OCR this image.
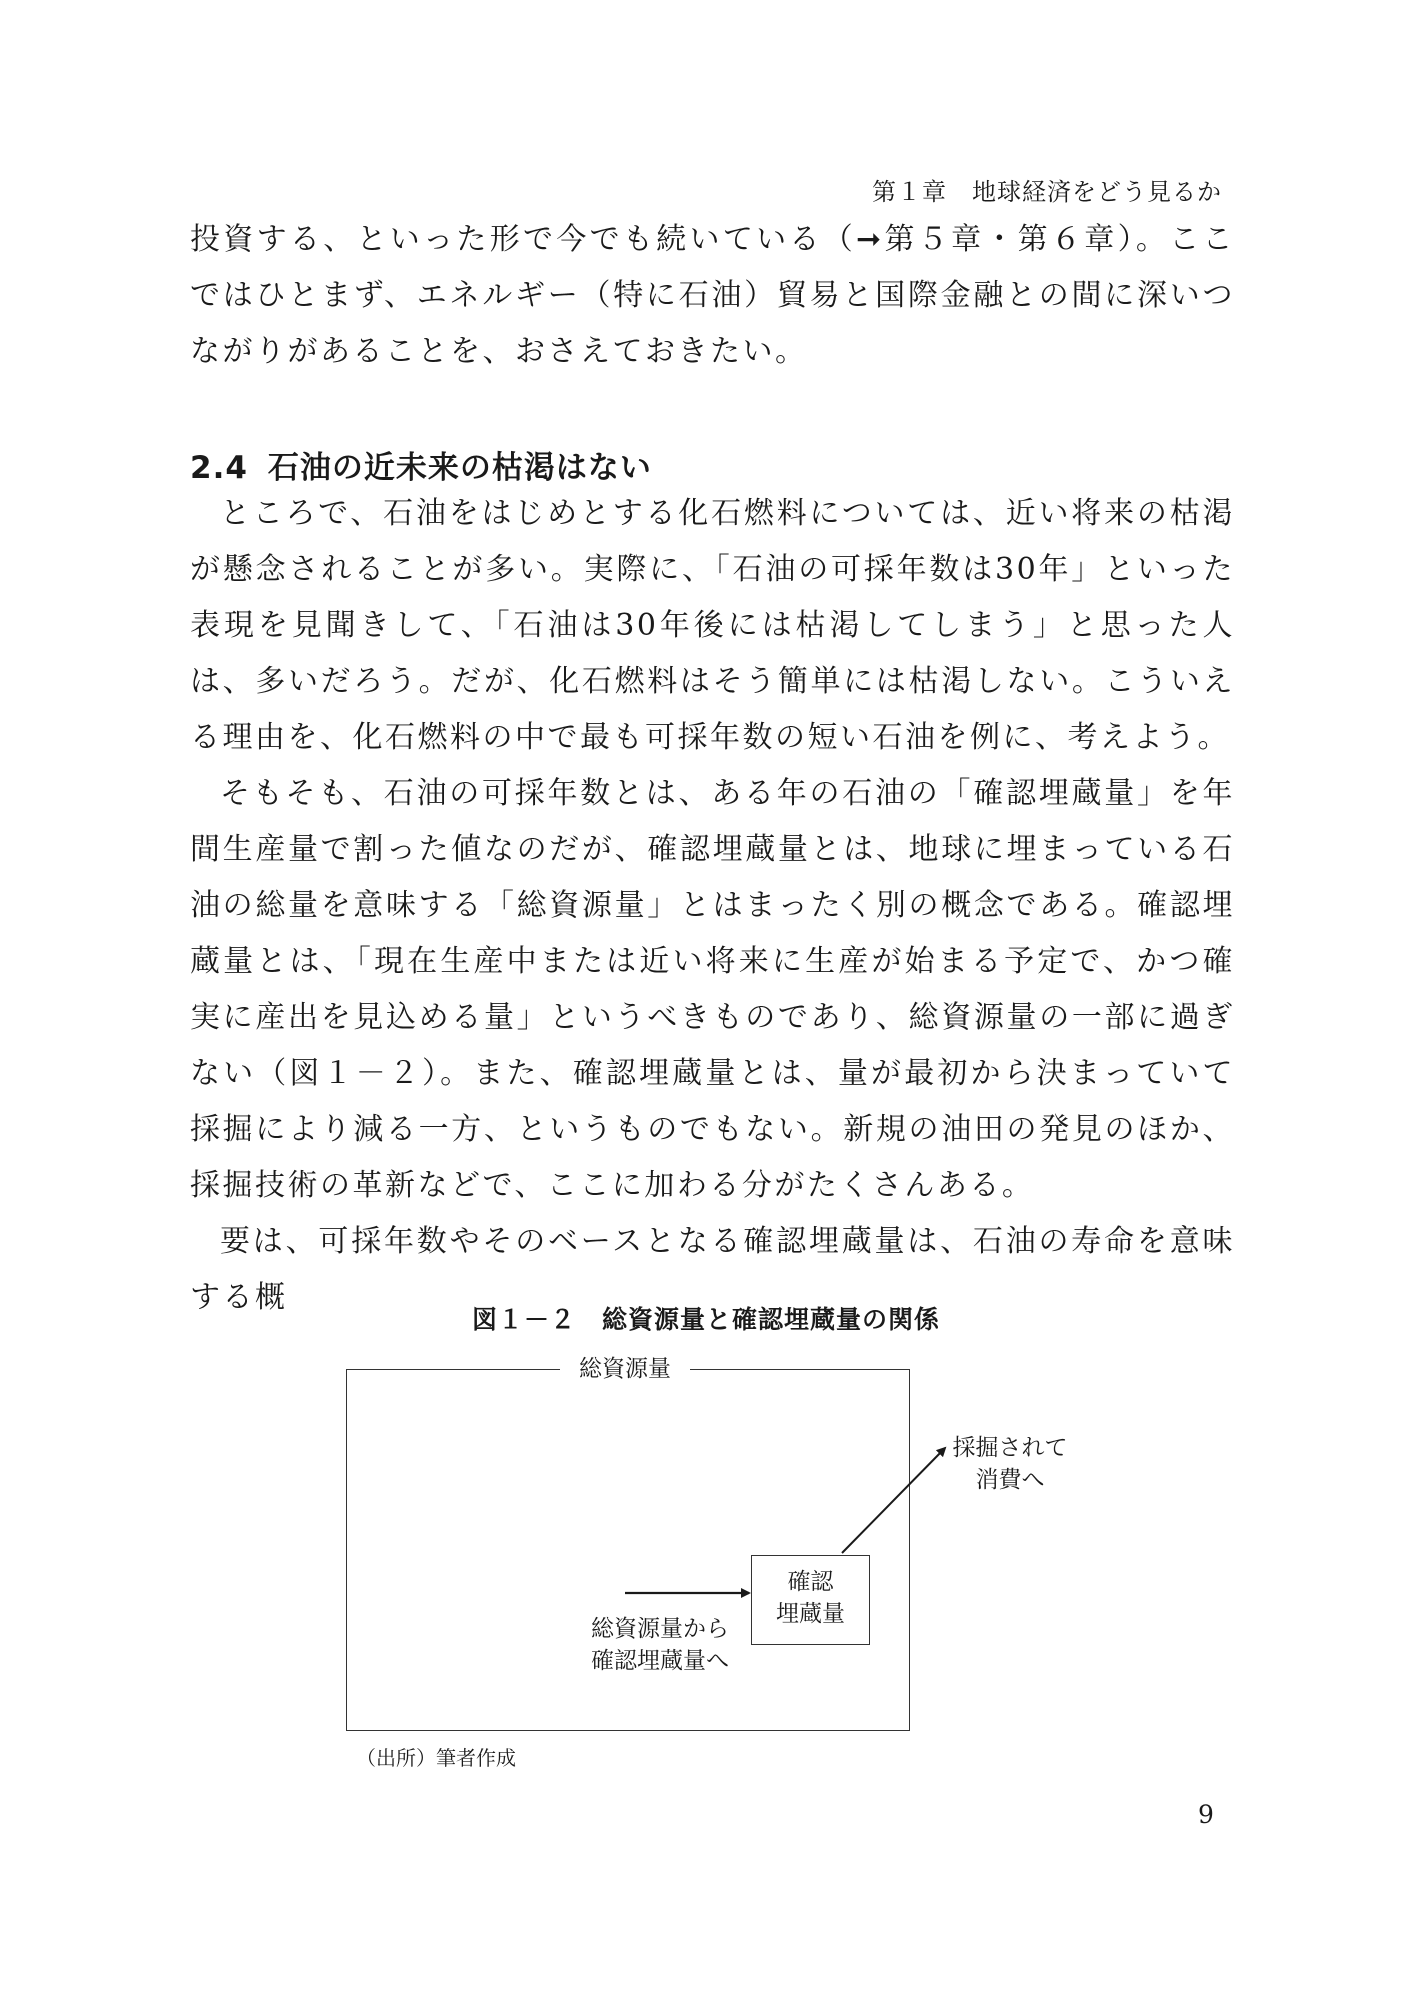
第１章　地球経済をどう見るか

投資する、といった形で今でも続いている（➞第５章・第６章）。ここではひとまず、エネルギー（特に石油）貿易と国際金融との間に深いつながりがあることを、おさえておきたい。

2.4 石油の近未来の枯渇はない

ところで、石油をはじめとする化石燃料については、近い将来の枯渇が懸念されることが多い。実際に、「石油の可採年数は30年」といった表現を見聞きして、「石油は30年後には枯渇してしまう」と思った人は、多いだろう。だが、化石燃料はそう簡単には枯渇しない。こういえる理由を、化石燃料の中で最も可採年数の短い石油を例に、考えよう。

そもそも、石油の可採年数とは、ある年の石油の「確認埋蔵量」を年間生産量で割った値なのだが、確認埋蔵量とは、地球に埋まっている石油の総量を意味する「総資源量」とはまったく別の概念である。確認埋蔵量とは、「現在生産中または近い将来に生産が始まる予定で、かつ確実に産出を見込める量」というべきものであり、総資源量の一部に過ぎない（図１－２）。また、確認埋蔵量とは、量が最初から決まっていて採掘により減る一方、というものでもない。新規の油田の発見のほか、採掘技術の革新などで、ここに加わる分がたくさんある。

要は、可採年数やそのベースとなる確認埋蔵量は、石油の寿命を意味する概

図１－２　総資源量と確認埋蔵量の関係
総資源量
確認
埋蔵量
総資源量から
確認埋蔵量へ
採掘されて
消費へ
（出所）筆者作成
9
